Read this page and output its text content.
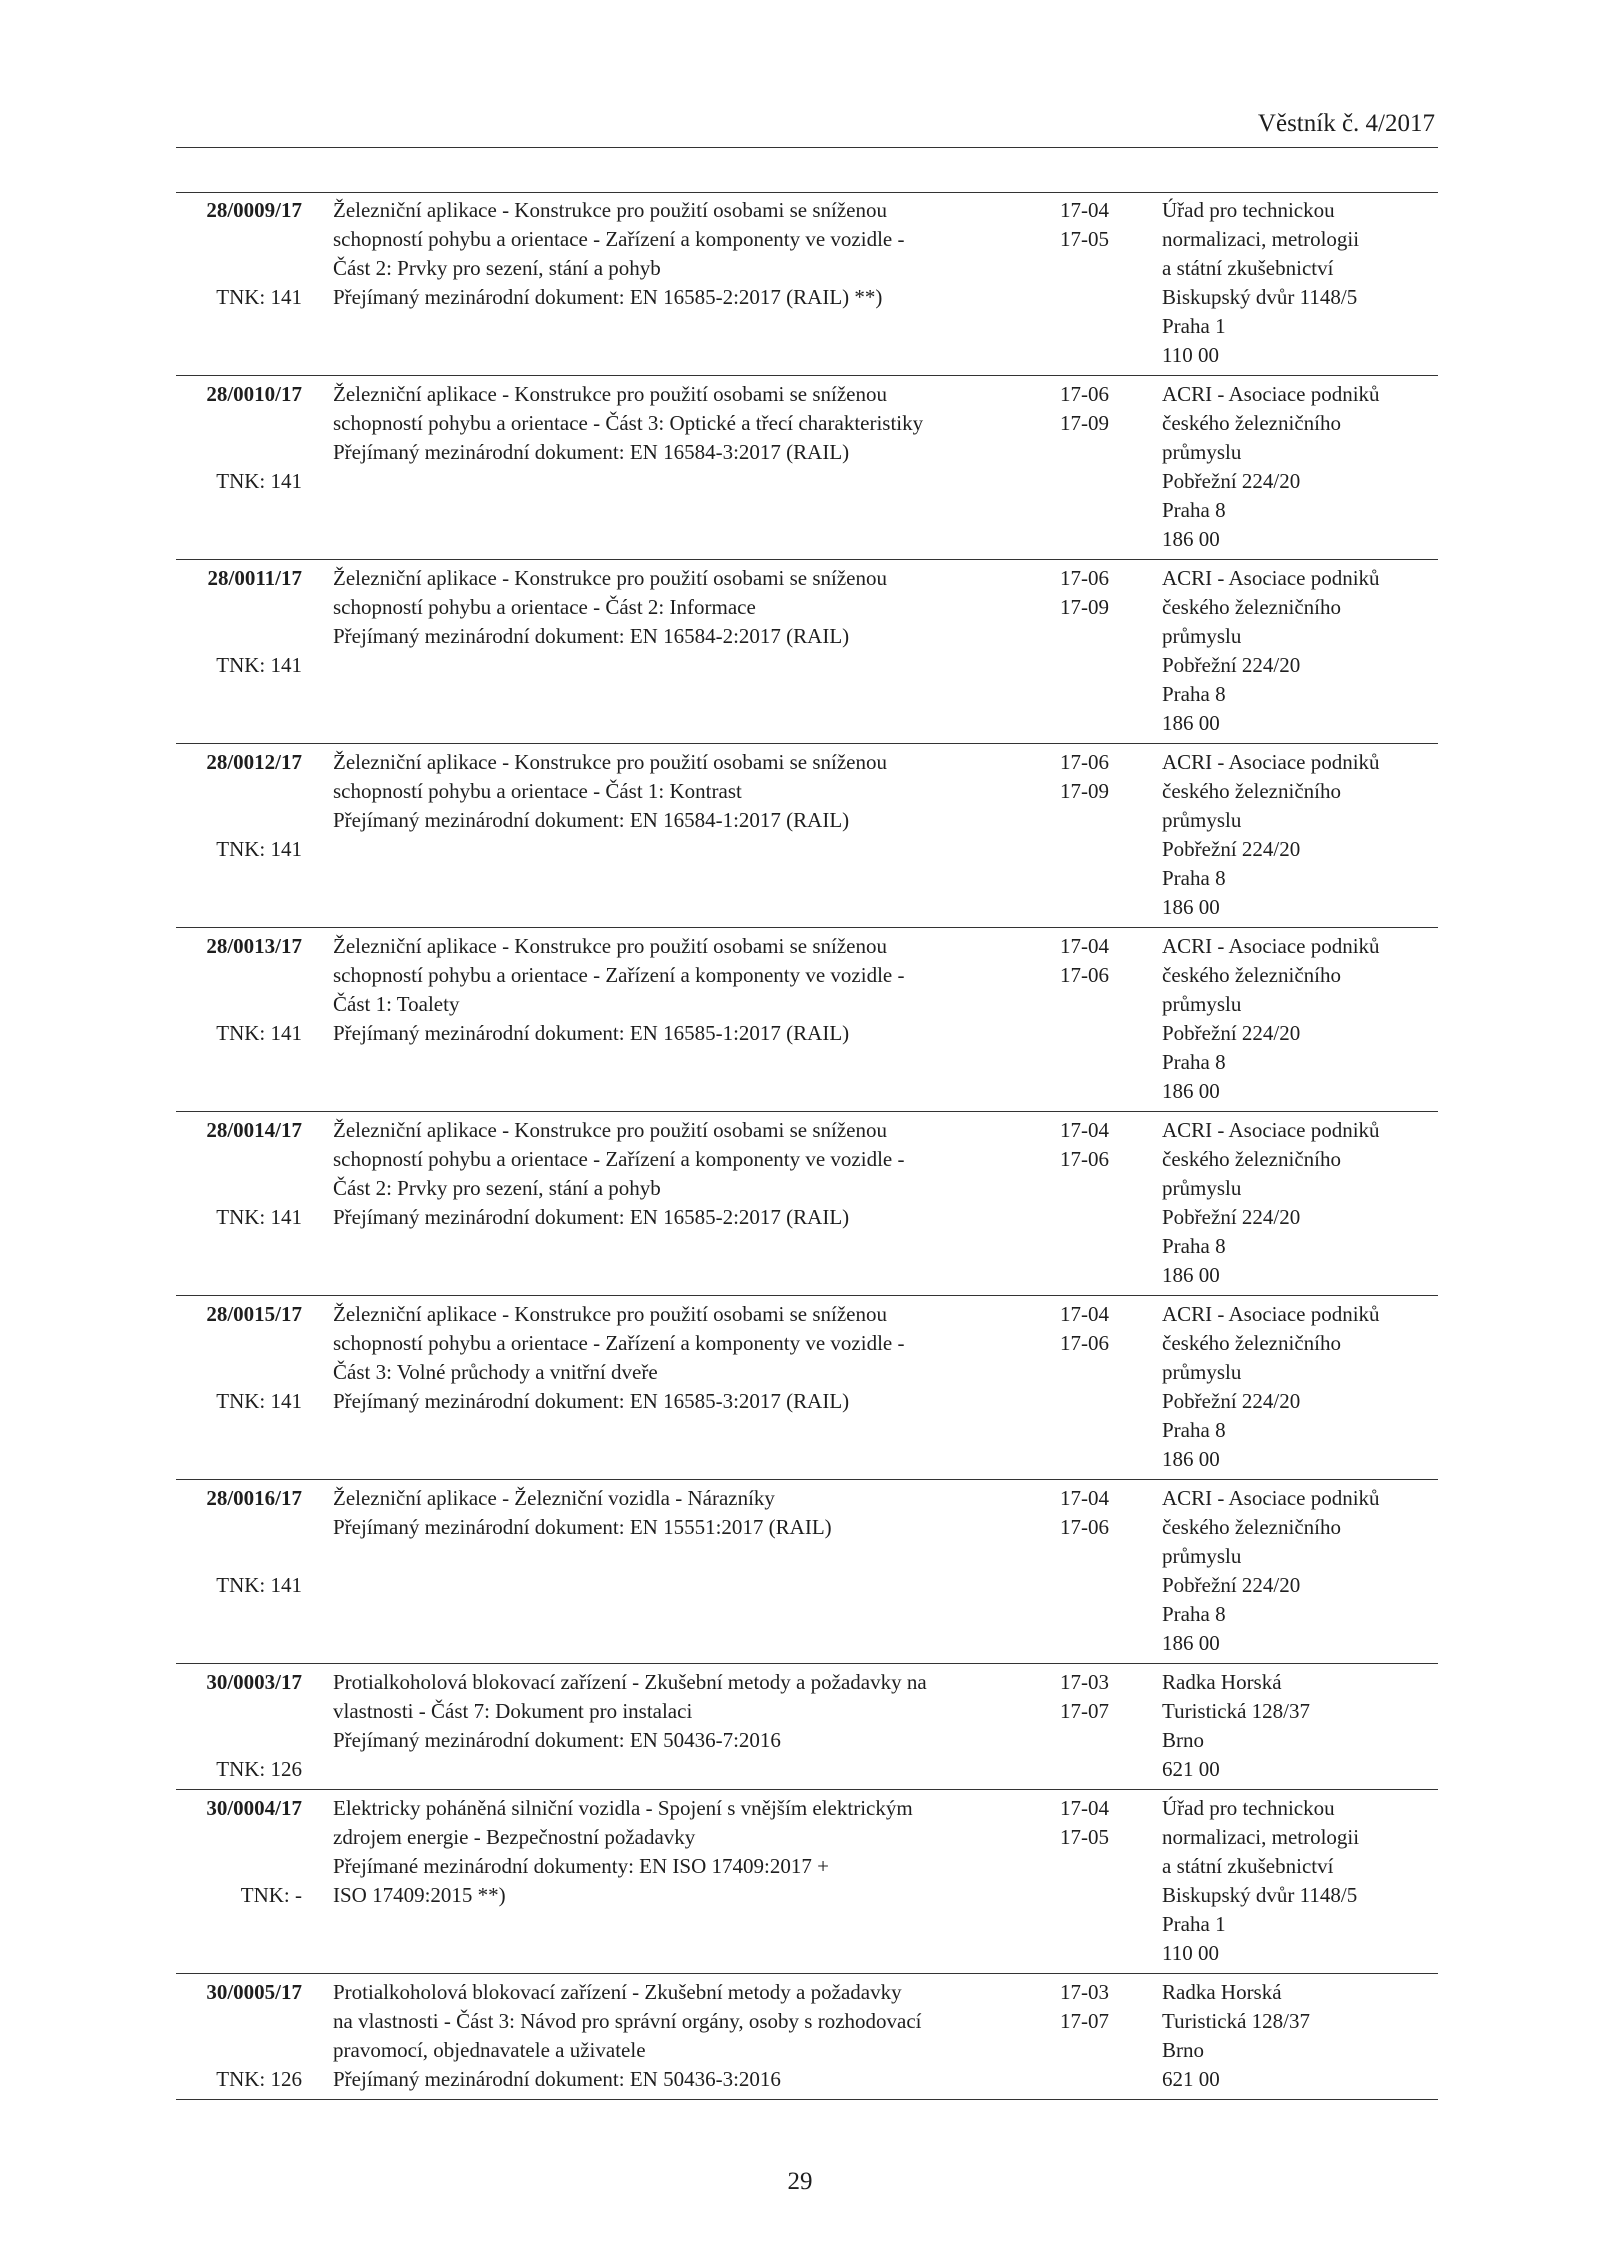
Věstník č. 4/2017
28/0009/17
TNK: 141
Železniční aplikace - Konstrukce pro použití osobami se sníženou
schopností pohybu a orientace - Zařízení a komponenty ve vozidle -
Část 2: Prvky pro sezení, stání a pohyb
Přejímaný mezinárodní dokument: EN 16585-2:2017 (RAIL) **)
17-04
17-05
Úřad pro technickou
normalizaci, metrologii
a státní zkušebnictví
Biskupský dvůr 1148/5
Praha 1
110 00
28/0010/17
TNK: 141
Železniční aplikace - Konstrukce pro použití osobami se sníženou
schopností pohybu a orientace - Část 3: Optické a třecí charakteristiky
Přejímaný mezinárodní dokument: EN 16584-3:2017 (RAIL)
17-06
17-09
ACRI - Asociace podniků
českého železničního
průmyslu
Pobřežní 224/20
Praha 8
186 00
28/0011/17
TNK: 141
Železniční aplikace - Konstrukce pro použití osobami se sníženou
schopností pohybu a orientace - Část 2: Informace
Přejímaný mezinárodní dokument: EN 16584-2:2017 (RAIL)
17-06
17-09
ACRI - Asociace podniků
českého železničního
průmyslu
Pobřežní 224/20
Praha 8
186 00
28/0012/17
TNK: 141
Železniční aplikace - Konstrukce pro použití osobami se sníženou
schopností pohybu a orientace - Část 1: Kontrast
Přejímaný mezinárodní dokument: EN 16584-1:2017 (RAIL)
17-06
17-09
ACRI - Asociace podniků
českého železničního
průmyslu
Pobřežní 224/20
Praha 8
186 00
28/0013/17
TNK: 141
Železniční aplikace - Konstrukce pro použití osobami se sníženou
schopností pohybu a orientace - Zařízení a komponenty ve vozidle -
Část 1: Toalety
Přejímaný mezinárodní dokument: EN 16585-1:2017 (RAIL)
17-04
17-06
ACRI - Asociace podniků
českého železničního
průmyslu
Pobřežní 224/20
Praha 8
186 00
28/0014/17
TNK: 141
Železniční aplikace - Konstrukce pro použití osobami se sníženou
schopností pohybu a orientace - Zařízení a komponenty ve vozidle -
Část 2: Prvky pro sezení, stání a pohyb
Přejímaný mezinárodní dokument: EN 16585-2:2017 (RAIL)
17-04
17-06
ACRI - Asociace podniků
českého železničního
průmyslu
Pobřežní 224/20
Praha 8
186 00
28/0015/17
TNK: 141
Železniční aplikace - Konstrukce pro použití osobami se sníženou
schopností pohybu a orientace - Zařízení a komponenty ve vozidle -
Část 3: Volné průchody a vnitřní dveře
Přejímaný mezinárodní dokument: EN 16585-3:2017 (RAIL)
17-04
17-06
ACRI - Asociace podniků
českého železničního
průmyslu
Pobřežní 224/20
Praha 8
186 00
28/0016/17
TNK: 141
Železniční aplikace - Železniční vozidla - Nárazníky
Přejímaný mezinárodní dokument: EN 15551:2017 (RAIL)
17-04
17-06
ACRI - Asociace podniků
českého železničního
průmyslu
Pobřežní 224/20
Praha 8
186 00
30/0003/17
TNK: 126
Protialkoholová blokovací zařízení - Zkušební metody a požadavky na
vlastnosti - Část 7: Dokument pro instalaci
Přejímaný mezinárodní dokument: EN 50436-7:2016
17-03
17-07
Radka Horská
Turistická 128/37
Brno
621 00
30/0004/17
TNK: -
Elektricky poháněná silniční vozidla - Spojení s vnějším elektrickým
zdrojem energie - Bezpečnostní požadavky
Přejímané mezinárodní dokumenty: EN ISO 17409:2017 +
ISO 17409:2015 **)
17-04
17-05
Úřad pro technickou
normalizaci, metrologii
a státní zkušebnictví
Biskupský dvůr 1148/5
Praha 1
110 00
30/0005/17
TNK: 126
Protialkoholová blokovací zařízení - Zkušební metody a požadavky
na vlastnosti - Část 3: Návod pro správní orgány, osoby s rozhodovací
pravomocí, objednavatele a uživatele
Přejímaný mezinárodní dokument: EN 50436-3:2016
17-03
17-07
Radka Horská
Turistická 128/37
Brno
621 00
29
